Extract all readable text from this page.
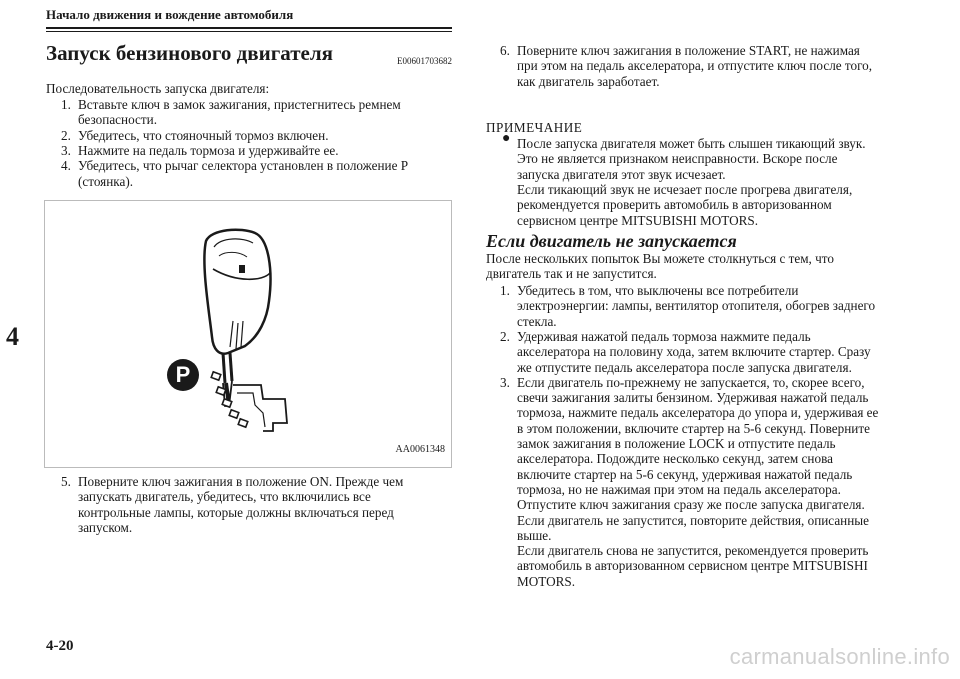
Начало движения и вождение автомобиля
Запуск бензинового двигателя	E00601703682
Последовательность запуска двигателя:
1. Вставьте ключ в замок зажигания, пристегнитесь ремнем
безопасности.
2. Убедитесь, что стояночный тормоз включен.
3. Нажмите на педаль тормоза и удерживайте ее.
4. Убедитесь, что рычаг селектора установлен в положение P
(стоянка).
P
AA0061348
5. Поверните ключ зажигания в положение ON. Прежде чем
запускать двигатель, убедитесь, что включились все
контрольные лампы, которые должны включаться перед
запуском.
6. Поверните ключ зажигания в положение START, не нажимая
при этом на педаль акселератора, и отпустите ключ после того,
как двигатель заработает.
ПРИМЕЧАНИЕ
● После запуска двигателя может быть слышен тикающий звук.
Это не является признаком неисправности. Вскоре после
запуска двигателя этот звук исчезает.
Если тикающий звук не исчезает после прогрева двигателя,
рекомендуется проверить автомобиль в авторизованном
сервисном центре MITSUBISHI MOTORS.
Если двигатель не запускается
После нескольких попыток Вы можете столкнуться с тем, что
двигатель так и не запустится.
1. Убедитесь в том, что выключены все потребители
электроэнергии: лампы, вентилятор отопителя, обогрев заднего
стекла.
2. Удерживая нажатой педаль тормоза нажмите педаль
акселератора на половину хода, затем включите стартер. Сразу
же отпустите педаль акселератора после запуска двигателя.
3. Если двигатель по-прежнему не запускается, то, скорее всего,
свечи зажигания залиты бензином. Удерживая нажатой педаль
тормоза, нажмите педаль акселератора до упора и, удерживая ее
в этом положении, включите стартер на 5-6 секунд. Поверните
замок зажигания в положение LOCK и отпустите педаль
акселератора. Подождите несколько секунд, затем снова
включите стартер на 5-6 секунд, удерживая нажатой педаль
тормоза, но не нажимая при этом на педаль акселератора.
Отпустите ключ зажигания сразу же после запуска двигателя.
Если двигатель не запустится, повторите действия, описанные
выше.
Если двигатель снова не запустится, рекомендуется проверить
автомобиль в авторизованном сервисном центре MITSUBISHI
MOTORS.
4
4-20	carmanualsonline.info
